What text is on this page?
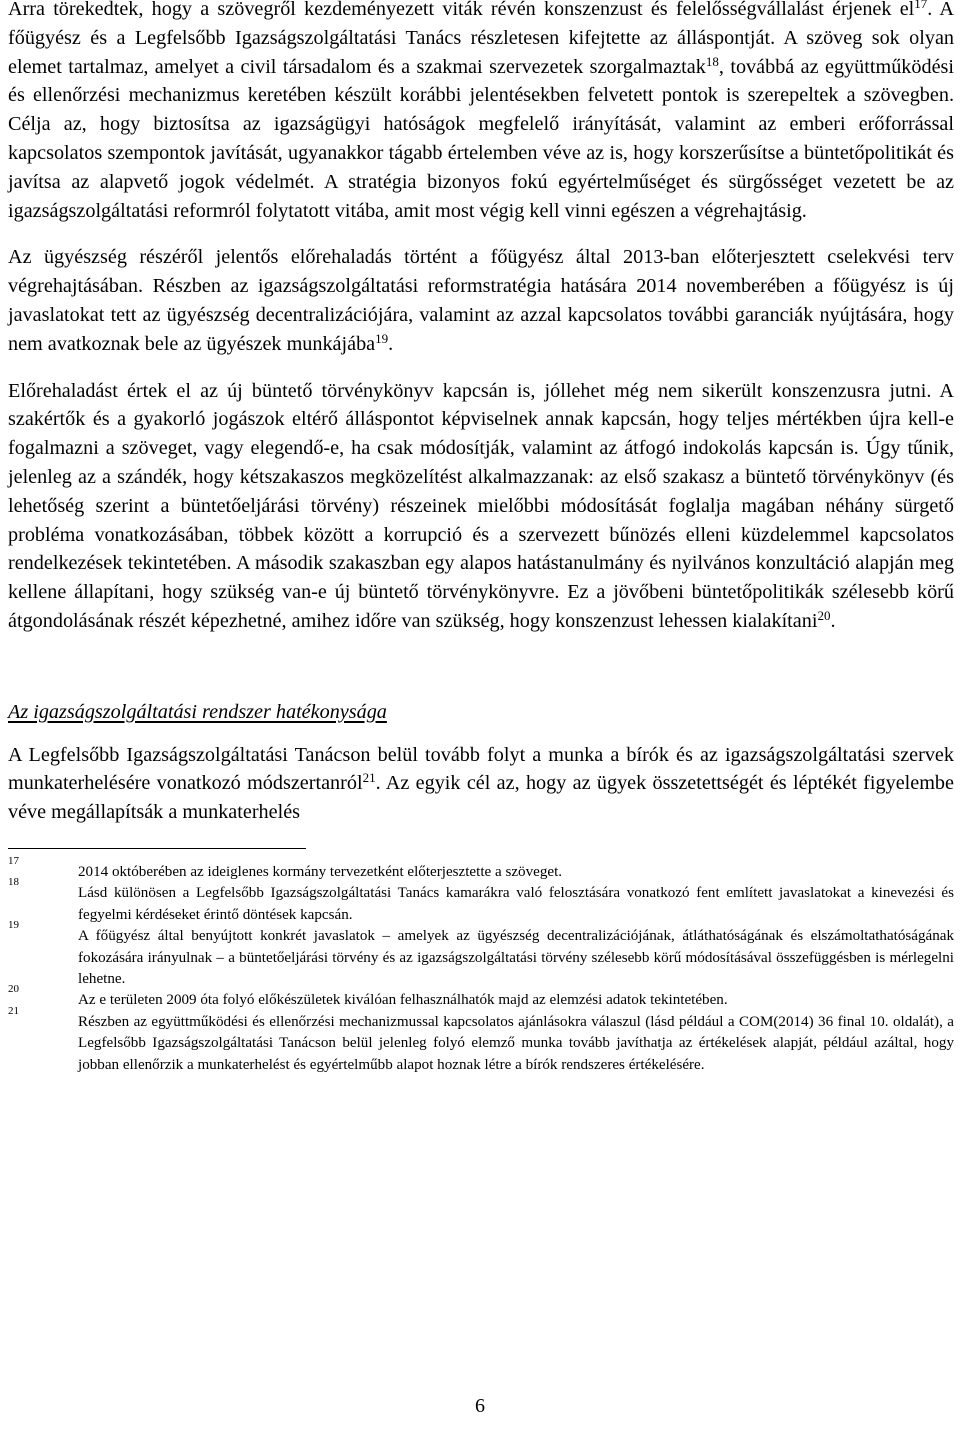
Arra törekedtek, hogy a szövegről kezdeményezett viták révén konszenzust és felelősségvállalást érjenek $el^{17}$. A főügyész és a Legfelsőbb Igazságszolgáltatási Tanács részletesen kifejtette az álláspontját. A szöveg sok olyan elemet tartalmaz, amelyet a civil társadalom és a szakmai szervezetek szorgalmaztak$^{18}$, továbbá az együttműködési és ellenőrzési mechanizmus keretében készült korábbi jelentésekben felvetett pontok is szerepeltek a szövegben. Célja az, hogy biztosítsa az igazságügyi hatóságok megfelelő irányítását, valamint az emberi erőforrással kapcsolatos szempontok javítását, ugyanakkor tágabb értelemben véve az is, hogy korszerűsítse a büntetőpolitikát és javítsa az alapvető jogok védelmét. A stratégia bizonyos fokú egyértelműséget és sürgősséget vezetett be az igazságszolgáltatási reformról folytatott vitába, amit most végig kell vinni egészen a végrehajtásig.

Az ügyészség részéről jelentős előrehaladás történt a főügyész által 2013-ban előterjesztett cselekvési terv végrehajtásában. Részben az igazságszolgáltatási reformstratégia hatására 2014 novemberében a főügyész is új javaslatokat tett az ügyészség decentralizációjára, valamint az azzal kapcsolatos további garanciák nyújtására, hogy nem avatkoznak bele az ügyészek munkájába$^{19}$.

Előrehaladást értek el az új büntető törvénykönyv kapcsán is, jóllehet még nem sikerült konszenzusra jutni. A szakértők és a gyakorló jogászok eltérő álláspontot képviselnek annak kapcsán, hogy teljes mértékben újra kell-e fogalmazni a szöveget, vagy elegendő-e, ha csak módosítják, valamint az átfogó indokolás kapcsán is. Úgy tűnik, jelenleg az a szándék, hogy kétszakaszos megközelítést alkalmazzanak: az első szakasz a büntető törvénykönyv (és lehetőség szerint a büntetőeljárási törvény) részeinek mielőbbi módosítását foglalja magában néhány sürgető probléma vonatkozásában, többek között a korrupció és a szervezett bűnözés elleni küzdelemmel kapcsolatos rendelkezések tekintetében. A második szakaszban egy alapos hatástanulmány és nyilvános konzultáció alapján meg kellene állapítani, hogy szükség van-e új büntető törvénykönyvre. Ez a jövőbeni büntetőpolitikák szélesebb körű átgondolásának részét képezhetné, amihez időre van szükség, hogy konszenzust lehessen kialakítani$^{20}$.

Az igazságszolgáltatási rendszer hatékonysága

A Legfelsőbb Igazságszolgáltatási Tanácson belül tovább folyt a munka a bírók és az igazságszolgáltatási szervek munkaterhelésére vonatkozó módszertanról$^{21}$. Az egyik cél az, hogy az ügyek összetettségét és léptékét figyelembe véve megállapítsák a munkaterhelés

17
2014 októberében az ideiglenes kormány tervezetként előterjesztette a szöveget.
18
Lásd különösen a Legfelsőbb Igazságszolgáltatási Tanács kamarákra való felosztására vonatkozó fent említett javaslatokat a kinevezési és fegyelmi kérdéseket érintő döntések kapcsán.
19
A főügyész által benyújtott konkrét javaslatok – amelyek az ügyészség decentralizációjának, átláthatóságának és elszámoltathatóságának fokozására irányulnak – a büntetőeljárási törvény és az igazságszolgáltatási törvény szélesebb körű módosításával összefüggésben is mérlegelni lehetne.
20
Az e területen 2009 óta folyó előkészületek kiválóan felhasználhatók majd az elemzési adatok tekintetében.
21
Részben az együttműködési és ellenőrzési mechanizmussal kapcsolatos ajánlásokra válaszul (lásd például a COM(2014) 36 final 10. oldalát), a Legfelsőbb Igazságszolgáltatási Tanácson belül jelenleg folyó elemző munka tovább javíthatja az értékelések alapját, például azáltal, hogy jobban ellenőrzik a munkaterhelést és egyértelműbb alapot hoznak létre a bírók rendszeres értékelésére.
6
